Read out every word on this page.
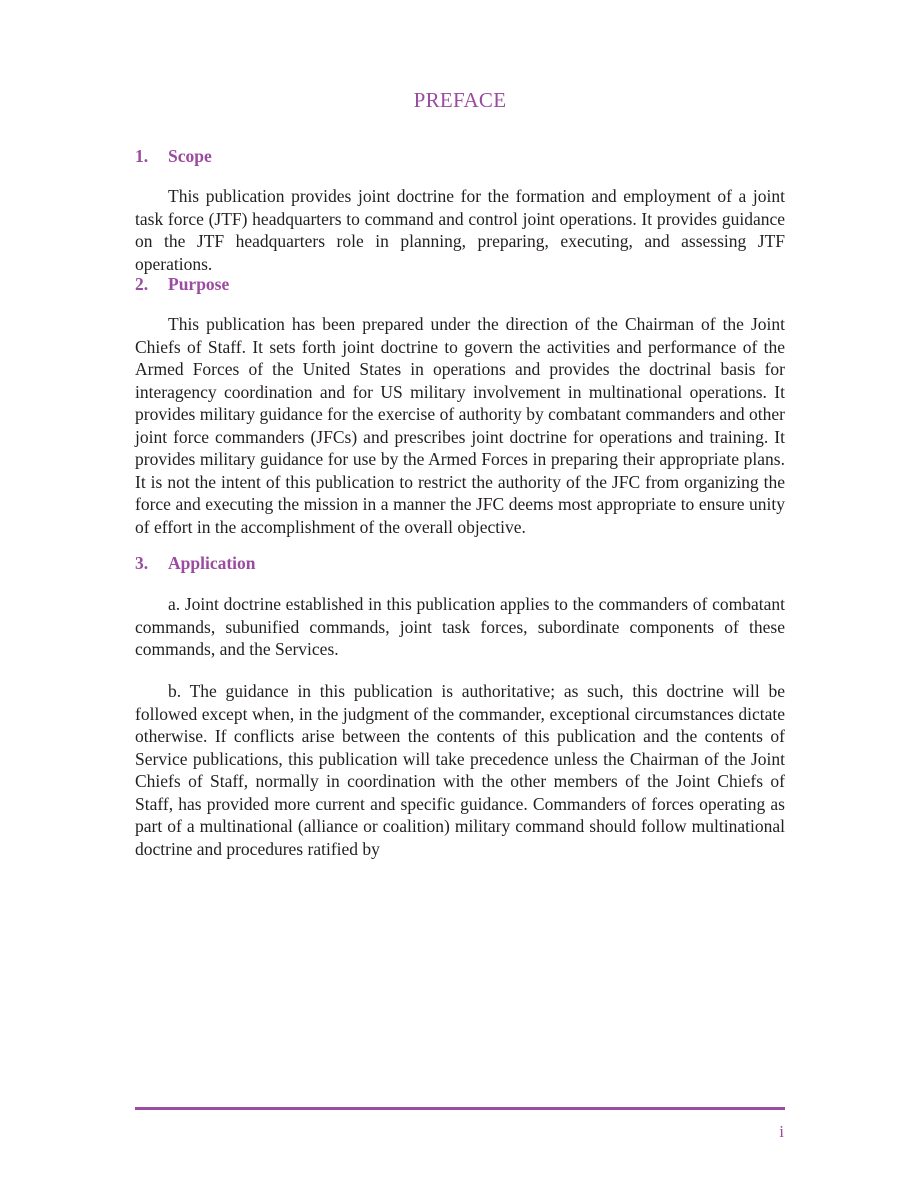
PREFACE
1. Scope

This publication provides joint doctrine for the formation and employment of a joint task force (JTF) headquarters to command and control joint operations. It provides guidance on the JTF headquarters role in planning, preparing, executing, and assessing JTF operations.

2. Purpose

This publication has been prepared under the direction of the Chairman of the Joint Chiefs of Staff. It sets forth joint doctrine to govern the activities and performance of the Armed Forces of the United States in operations and provides the doctrinal basis for interagency coordination and for US military involvement in multinational operations. It provides military guidance for the exercise of authority by combatant commanders and other joint force commanders (JFCs) and prescribes joint doctrine for operations and training. It provides military guidance for use by the Armed Forces in preparing their appropriate plans. It is not the intent of this publication to restrict the authority of the JFC from organizing the force and executing the mission in a manner the JFC deems most appropriate to ensure unity of effort in the accomplishment of the overall objective.

3. Application

a. Joint doctrine established in this publication applies to the commanders of combatant commands, subunified commands, joint task forces, subordinate components of these commands, and the Services.

b. The guidance in this publication is authoritative; as such, this doctrine will be followed except when, in the judgment of the commander, exceptional circumstances dictate otherwise. If conflicts arise between the contents of this publication and the contents of Service publications, this publication will take precedence unless the Chairman of the Joint Chiefs of Staff, normally in coordination with the other members of the Joint Chiefs of Staff, has provided more current and specific guidance. Commanders of forces operating as part of a multinational (alliance or coalition) military command should follow multinational doctrine and procedures ratified by

i
